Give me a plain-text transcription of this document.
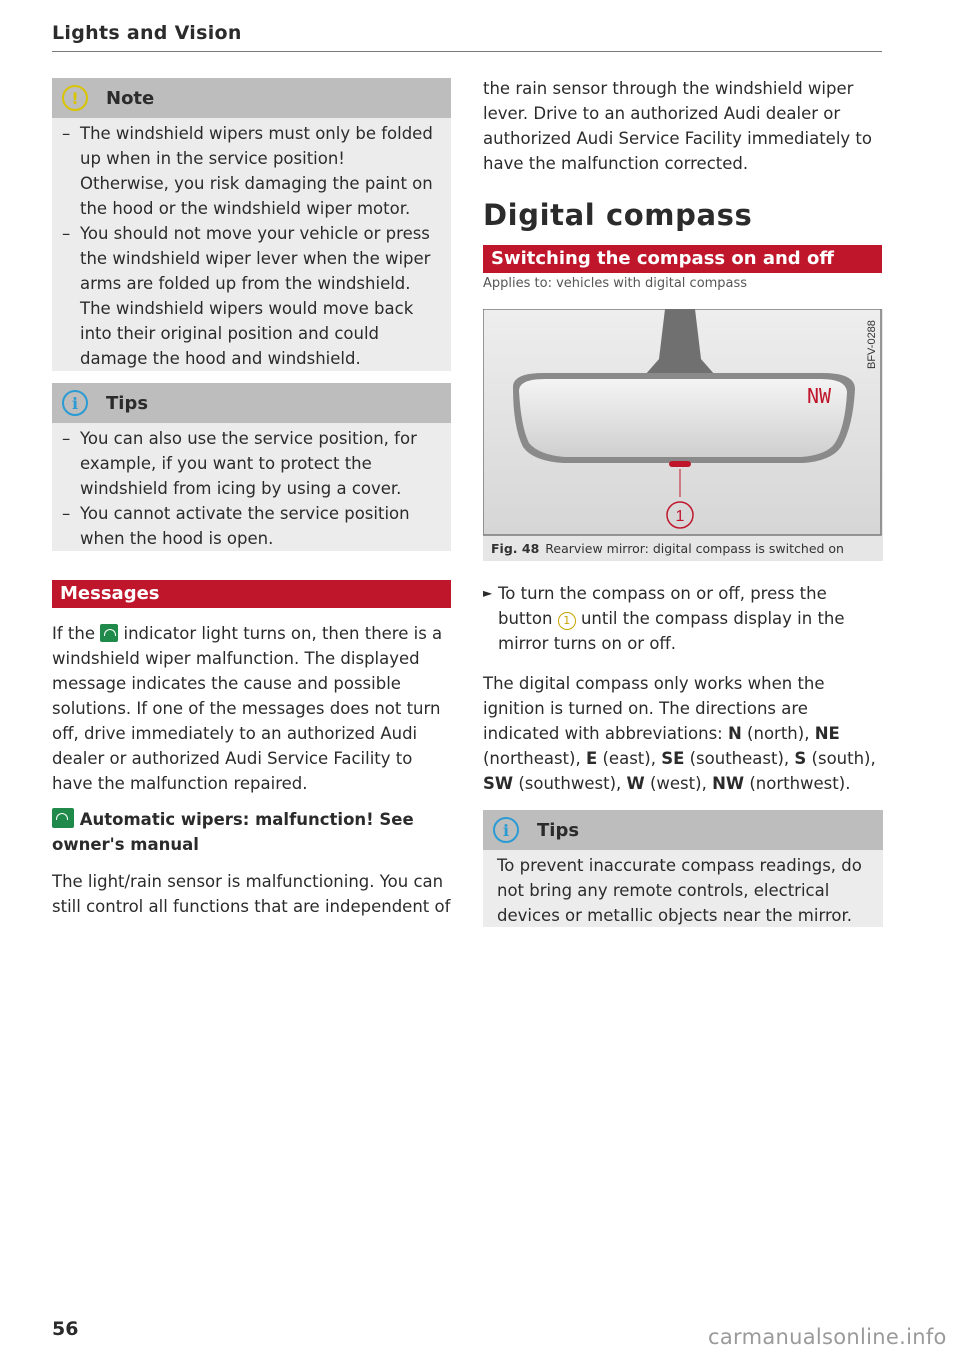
Lights and Vision
!	Note
– The windshield wipers must only be folded up when in the service position! Otherwise, you risk damaging the paint on the hood or the windshield wiper motor.
– You should not move your vehicle or press the windshield wiper lever when the wiper arms are folded up from the windshield. The windshield wipers would move back into their original position and could damage the hood and windshield.
i	Tips
– You can also use the service position, for example, if you want to protect the windshield from icing by using a cover.
– You cannot activate the service position when the hood is open.
Messages
If the indicator light turns on, then there is a windshield wiper malfunction. The displayed message indicates the cause and possible solutions. If one of the messages does not turn off, drive immediately to an authorized Audi dealer or authorized Audi Service Facility to have the malfunction repaired.
Automatic wipers: malfunction! See owner's manual
The light/rain sensor is malfunctioning. You can still control all functions that are independent of
the rain sensor through the windshield wiper lever. Drive to an authorized Audi dealer or authorized Audi Service Facility immediately to have the malfunction corrected.
Digital compass
Switching the compass on and off
Applies to: vehicles with digital compass
1
NW
BFV-0288
Fig. 48 Rearview mirror: digital compass is switched on
► To turn the compass on or off, press the button 1 until the compass display in the mirror turns on or off.
The digital compass only works when the ignition is turned on. The directions are indicated with abbreviations: N (north), NE (northeast), E (east), SE (southeast), S (south), SW (southwest), W (west), NW (northwest).
i	Tips
To prevent inaccurate compass readings, do not bring any remote controls, electrical devices or metallic objects near the mirror.
56	carmanualsonline.info
